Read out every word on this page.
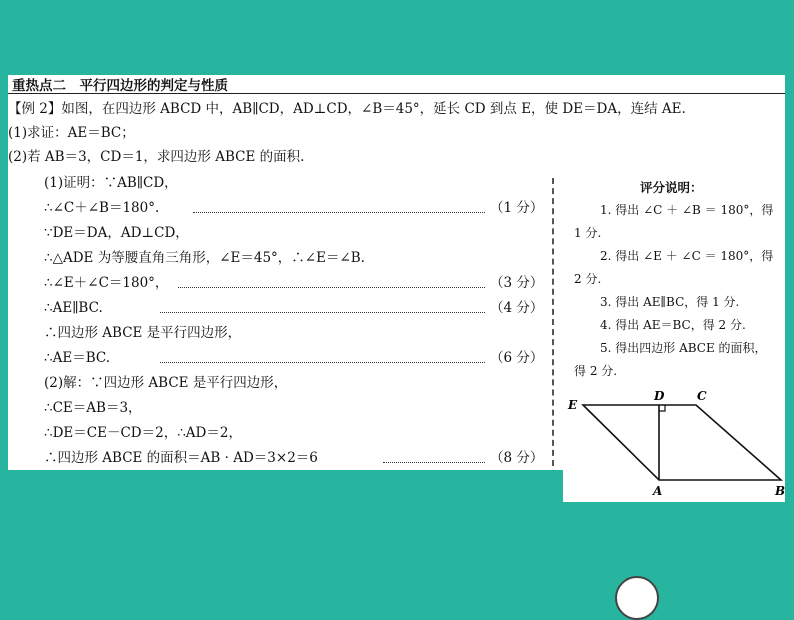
重热点二　平行四边形的判定与性质
【例 2】如图，在四边形 ABCD 中，AB∥CD，AD⊥CD，∠B＝45°，延长 CD 到点 E，使 DE＝DA，连结 AE.
(1)求证：AE＝BC；
(2)若 AB＝3，CD＝1，求四边形 ABCE 的面积.
(1)证明：∵AB∥CD，
∴∠C＋∠B＝180°.	（1 分）
∵DE＝DA，AD⊥CD，
∴△ADE 为等腰直角三角形，∠E＝45°，∴∠E＝∠B.
∴∠E＋∠C＝180°，	（3 分）
∴AE∥BC.	（4 分）
∴四边形 ABCE 是平行四边形，
∴AE＝BC.	（6 分）
(2)解：∵四边形 ABCE 是平行四边形，
∴CE＝AB＝3，
∴DE＝CE－CD＝2，∴AD＝2，
∴四边形 ABCE 的面积＝AB · AD＝3×2＝6	（8 分）
评分说明：
1. 得出 ∠C ＋ ∠B ＝ 180°，得
1 分.
2. 得出 ∠E ＋ ∠C ＝ 180°，得
2 分.
3. 得出 AE∥BC，得 1 分.
4. 得出 AE＝BC，得 2 分.
5. 得出四边形 ABCE 的面积，
得 2 分.
E
D	C
A	B
